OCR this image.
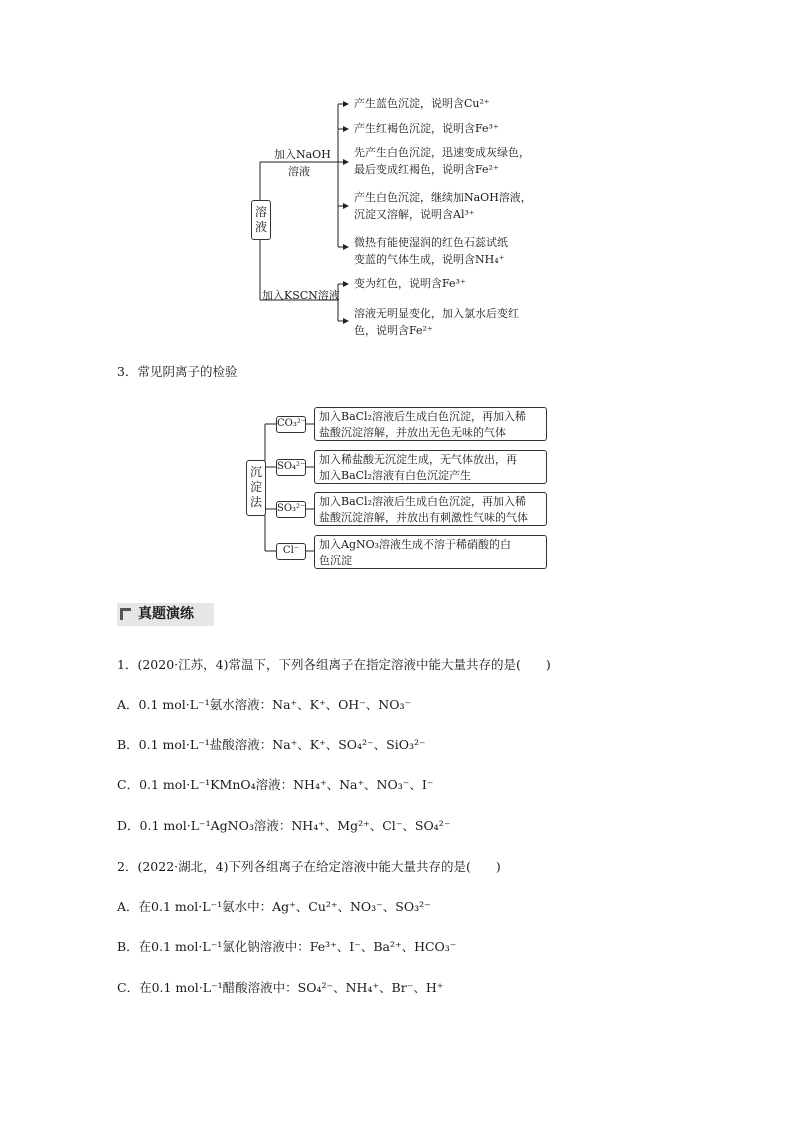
溶
液
加入NaOH
溶液
加入KSCN溶液
产生蓝色沉淀，说明含Cu²⁺
产生红褐色沉淀，说明含Fe³⁺
先产生白色沉淀，迅速变成灰绿色，
最后变成红褐色，说明含Fe²⁺
产生白色沉淀，继续加NaOH溶液，
沉淀又溶解，说明含Al³⁺
微热有能使湿润的红色石蕊试纸
变蓝的气体生成，说明含NH₄⁺
变为红色，说明含Fe³⁺
溶液无明显变化，加入氯水后变红
色，说明含Fe²⁺
3．常见阴离子的检验
沉
淀
法
CO₃²⁻
SO₄²⁻
SO₃²⁻
Cl⁻
加入BaCl₂溶液后生成白色沉淀，再加入稀
盐酸沉淀溶解，并放出无色无味的气体
加入稀盐酸无沉淀生成，无气体放出，再
加入BaCl₂溶液有白色沉淀产生
加入BaCl₂溶液后生成白色沉淀，再加入稀
盐酸沉淀溶解，并放出有刺激性气味的气体
加入AgNO₃溶液生成不溶于稀硝酸的白
色沉淀
真题演练
1．(2020·江苏，4)常温下，下列各组离子在指定溶液中能大量共存的是(　　)
A．0.1 mol·L⁻¹氨水溶液：Na⁺、K⁺、OH⁻、NO₃⁻
B．0.1 mol·L⁻¹盐酸溶液：Na⁺、K⁺、SO₄²⁻、SiO₃²⁻
C．0.1 mol·L⁻¹KMnO₄溶液：NH₄⁺、Na⁺、NO₃⁻、I⁻
D．0.1 mol·L⁻¹AgNO₃溶液：NH₄⁺、Mg²⁺、Cl⁻、SO₄²⁻
2．(2022·湖北，4)下列各组离子在给定溶液中能大量共存的是(　　)
A．在0.1 mol·L⁻¹氨水中：Ag⁺、Cu²⁺、NO₃⁻、SO₃²⁻
B．在0.1 mol·L⁻¹氯化钠溶液中：Fe³⁺、I⁻、Ba²⁺、HCO₃⁻
C．在0.1 mol·L⁻¹醋酸溶液中：SO₄²⁻、NH₄⁺、Br⁻、H⁺
